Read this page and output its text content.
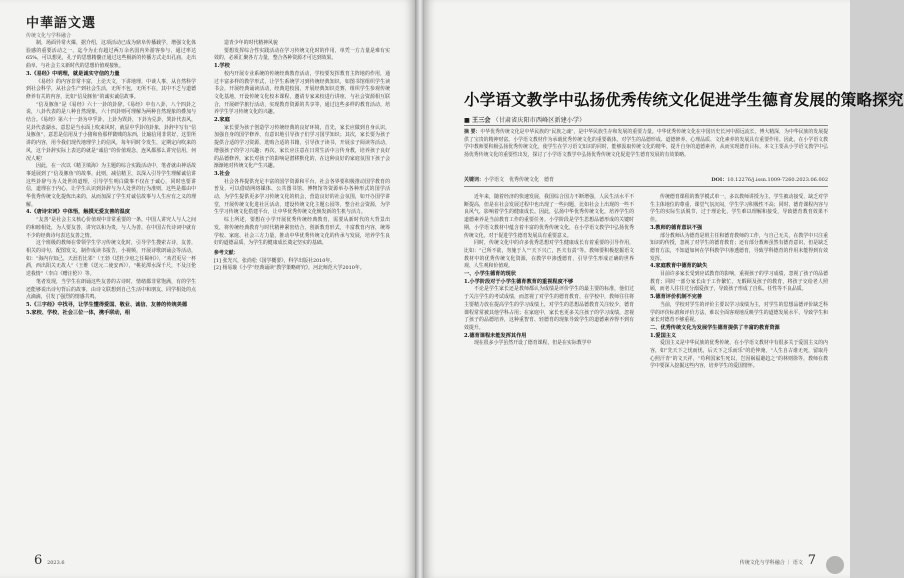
中華語文選
传统文化与学科融合

制，场面异常火爆，据介绍，这项活动已成为鼎阜传播载学，增强文化体验感的重要活动之一，迄今为止有超过两万余名国内外游客参与，通过率达65%，可以想见，孔子的思想精髓正通过这些极新的传播方式走出孔庙，走出曲阜，与社会主义新时代的思想价值观接轨。

3.《易经》中明理，就是诚实守信的力量

《易经》的内容非常丰富，上论天文，下讲地理，中谈人事，从自然科学到社会科学，从社会生产到社会生活，无所不包，无所不在，其中不乏与道德修养有关的内容，比如“信及豚鱼”的诚实诚信故事。

“信及豚鱼”是《易经》六十一卦的卦辞。《易经》中有八卦，八个四卦之说，八卦代表的是八种自然现象，六十四卦则可理解为两种自然现象的叠加与结合。《易经》第六十一卦为中孚卦，上卦为巽卦，下卦为兑卦，巽卦代表风，兑卦代表湖水，意思是当水面上吹来风时，就显中孚卦的卦象，卦辞中写有“信及豚鱼”，意思是信用及于小猪和鱼那样微贱的东西，比喻信用非常好，这里所讲的内容，用今我们现代地理学上的信风，每年同时令发生，定期定向吹来的风，这个卦辞实际上表达的就是“诚信”的价值观念，连风都那么讲究信用，何况人呢！

因此，在一次以《精卫填海》为主题的综合实践活动中，笔者就由神话故事延展到了“信及豚鱼”的故事，此则，减信精卫，以深入引导学生理解诚信讲这些卦辞与为人处世的道理，引导学生明白做事不仅在于诚心，同时也要讲信，道理在于内心，让学生认识到卦辞与为人处世的行为准则，这些是都由中华优秀传统文化提炼出来的，从而加深了学生对诚信故事与人生应有之义的理解。

4.《唐诗宋词》中体悟，触摸无爱友善的温度

“友善”是社会主义核心价值观中非常重要的一条，中国人讲究人与人之间的和睦相处，为人要友善，讲究以和为贵，与人为善，在中国古代诗词中就有不少的经典诗句表达友善之情。

这个班级的教师在带领学生学习传统文化时，引导学生搜索古诗，友善，相关的诗句，配图发文，制作成读书报告，小视频，开展诗歌朗诵会等活动，如：“海内存知己，天涯若比邻”（王勃《送杜少府之任蜀州》），“劝君更尽一杯酒，西出阳关无故人”（王维《送元二使安西》），“桃花潭水深千尺，不及汪伦送我情”（李白《赠汪伦》）等。

笔者发现，当学生在朗诵这些友善的古诗时，情绪都非常饱满，有的学生还能够说出诗句背后的故事，由诗文联想到自己生活中和朋友、同学相处的点点滴滴，引发了强烈的情感共鸣。

5.《三字经》中找寻，让学生懂得爱国、敬业、诚信、友善的传统美德
5.家校、学校、社会三位一体，携手联动，相

造青少年的时代精神风貌

要想发挥综合性实践活动在学习传统文化时的作用，单凭一方力量是难有实效的，必须汇聚各方力量，整合各种资源才可达到效果。

1.学校

校内开展专业系统的传统经典教育活动，学校要发挥教育主阵地的作用，通过丰富多样的教学形式，让学生系统学习到传统经典知识，如图书馆组织学生读书会，开展经典诵读活动，经典进校园，开展经典知识竞赛，组织学生参观传统文化基地，开设传统文化校本课程，邀请专家来校进行讲座，与社会资源相互联合，开展研学旅行活动，实现教育资源的共享等，通过这些多样的教育活动，培养学生学习传统文化的兴趣。

2.家庭

家长要为孩子创造学习传统经典的良好环境，首先，家长应做到自身认识，加强自身的国学修养，有意识地引导孩子们学习国学知识；其次，家长要为孩子提供合适的学习资源，选购合适的书籍，引导孩子读书，开展亲子阅读等活动，增强孩子的学习兴趣；再次，家长应注意在日常生活中言传身教，培养孩子良好的品德修养，家长对孩子的影响是潜移默化的，在这种良好的家庭氛围下孩子会渐渐地对传统文化产生兴趣。

3.社会

社会各界提供充足丰富的国学资源和平台，社会各界要积极推动国学教育的普及，可以借助网络媒体、公共图书馆、博物馆等资源举办各种形式的国学活动，为学生提供更多学习传统文化的机会，营造良好的社会氛围，如开办国学讲堂，开展传统文化进社区活动，建设传统文化主题公园等，整合社会资源，为学生学习传统文化搭建平台，让中华优秀传统文化焕发新的生机与活力。

综上所述，要想在小学开展优秀传统经典教育，需要从新时代的大背景出发，将传统经典教育与时代精神紧密结合，创新教育形式，丰富教育内容，统筹学校、家庭、社会三方力量，推动中华优秀传统文化的传承与发展，培养学生良好的道德品质，为学生的健康成长奠定坚实的基础。

参考文献：

[1] 张光兴，张尚松《国学概要》，科学出版社2010年。

[2] 杨易璇《小学“经典诵读”教学策略研究》，河北师范大学2010年。

6 2023.6
小学语文教学中弘扬优秀传统文化促进学生德育发展的策略探究
■ 王三会 （甘肃省庆阳市西峰区新建小学）
摘 要：中华优秀传统文化是中华民族的“民族之魂”，是中华民族生存和发展的重要力量。中华优秀传统文化在中国历史长河中源远流长，博大精深，为中华民族的发展提供了宝贵的精神财富。小学语文教材作为承载优秀传统文化的重要载体，对学生的品德形成、道德修养、心理品质、文化素养的发展具有重要作用。因此，在小学语文教学中教师要积极弘扬优秀传统文化，使学生在学习语文知识的同时，能够汲取传统文化的精华，提升自身的道德素养，从而实现德育目标。本文主要从小学语文教学中弘扬优秀传统文化的重要性出发，探讨了小学语文教学中弘扬优秀传统文化促进学生德育发展的有效策略。
关键词：小学语文　优秀传统文化　德育	DOI：10.12276/j.issn.1009-7260.2023.06.002

近年来，随着经济的快速发展，我国综合国力不断增强，人民生活水平不断提高，但是在社会发展过程中也出现了一些问题，比如社会上出现的一些不良风气，影响着学生的健康成长。因此，弘扬中华优秀传统文化，培养学生的道德素养是当前教育工作的重要任务。小学阶段是学生思想品德形成的关键时期，小学语文教材中蕴含着丰富的优秀传统文化，在小学语文教学中弘扬优秀传统文化，对于促进学生德育发展具有重要意义。

同时，传统文化中的许多优秀思想对学生健康成长有着重要的引导作用，比如：“己所不欲，勿施于人”“天下兴亡，匹夫有责”等。教师要积极挖掘语文教材中的优秀传统文化资源，在教学中渗透德育，引导学生形成正确的世界观、人生观和价值观。

一、小学生德育的现状
1.小学阶段对于小学生德育教育的重视程度不够

不论是学生家长还是教师都认为成绩是评价学生的最主要的标准，他们过于关注学生的考试成绩，而忽视了对学生的德育教育，在学校中，教师往往将主要精力放在提高学生的学习成绩上，对学生的思想品德教育关注较少，德育课程常常被其他学科占用；在家庭中，家长也更多关注孩子的学习成绩，忽视了孩子的品德培养，这种重智育、轻德育的现象导致学生的道德素养得不到有效提升。

2.德育课程未能发挥其作用

现在很多小学虽然开设了德育课程，但是在实际教学中

传统德育课程的教学模式单一，多以教师讲授为主，学生被动接受，缺乏对学生主体地位的尊重，课堂气氛沉闷，学生学习积极性不高；同时，德育课程内容与学生的实际生活脱节，过于理论化，学生难以理解和接受，导致德育教育效果不佳。

3.教师的德育意识不强

部分教师认为德育是班主任和德育教师的工作，与自己无关，在教学中只注重知识的传授，忽视了对学生的德育教育；还有部分教师虽然有德育意识，但是缺乏德育方法，不知道如何在学科教学中渗透德育，导致学科德育的作用未能得到有效发挥。

4.家庭教育中德育的缺失

目前许多家长受到应试教育的影响，重视孩子的学习成绩，忽视了孩子的品德教育；同时一部分家长由于工作繁忙，无暇顾及孩子的教育，将孩子交给老人照顾，而老人往往过分溺爱孩子，导致孩子形成了自私、任性等不良品质。

5.德育评价机制不完善

当前，学校对学生的评价主要以学习成绩为主，对学生的思想品德评价缺乏科学的评价标准和评价方法，难以全面客观地反映学生的道德发展水平，导致学生和家长对德育不够重视。

二、优秀传统文化为发展学生德育提供了丰富的教育资源
1.爱国主义

爱国主义是中华民族的优秀传统，在小学语文教材中有很多关于爱国主义的内容，如“先天下之忧而忧，后天下之乐而乐”的范仲淹，“人生自古谁无死，留取丹心照汗青”的文天祥，“苟利国家生死以，岂因祸福避趋之”的林则徐等，教师在教学中要深入挖掘这些内容，培养学生的爱国情怀。

传统文化与学科融合 ｜ 语文 7
